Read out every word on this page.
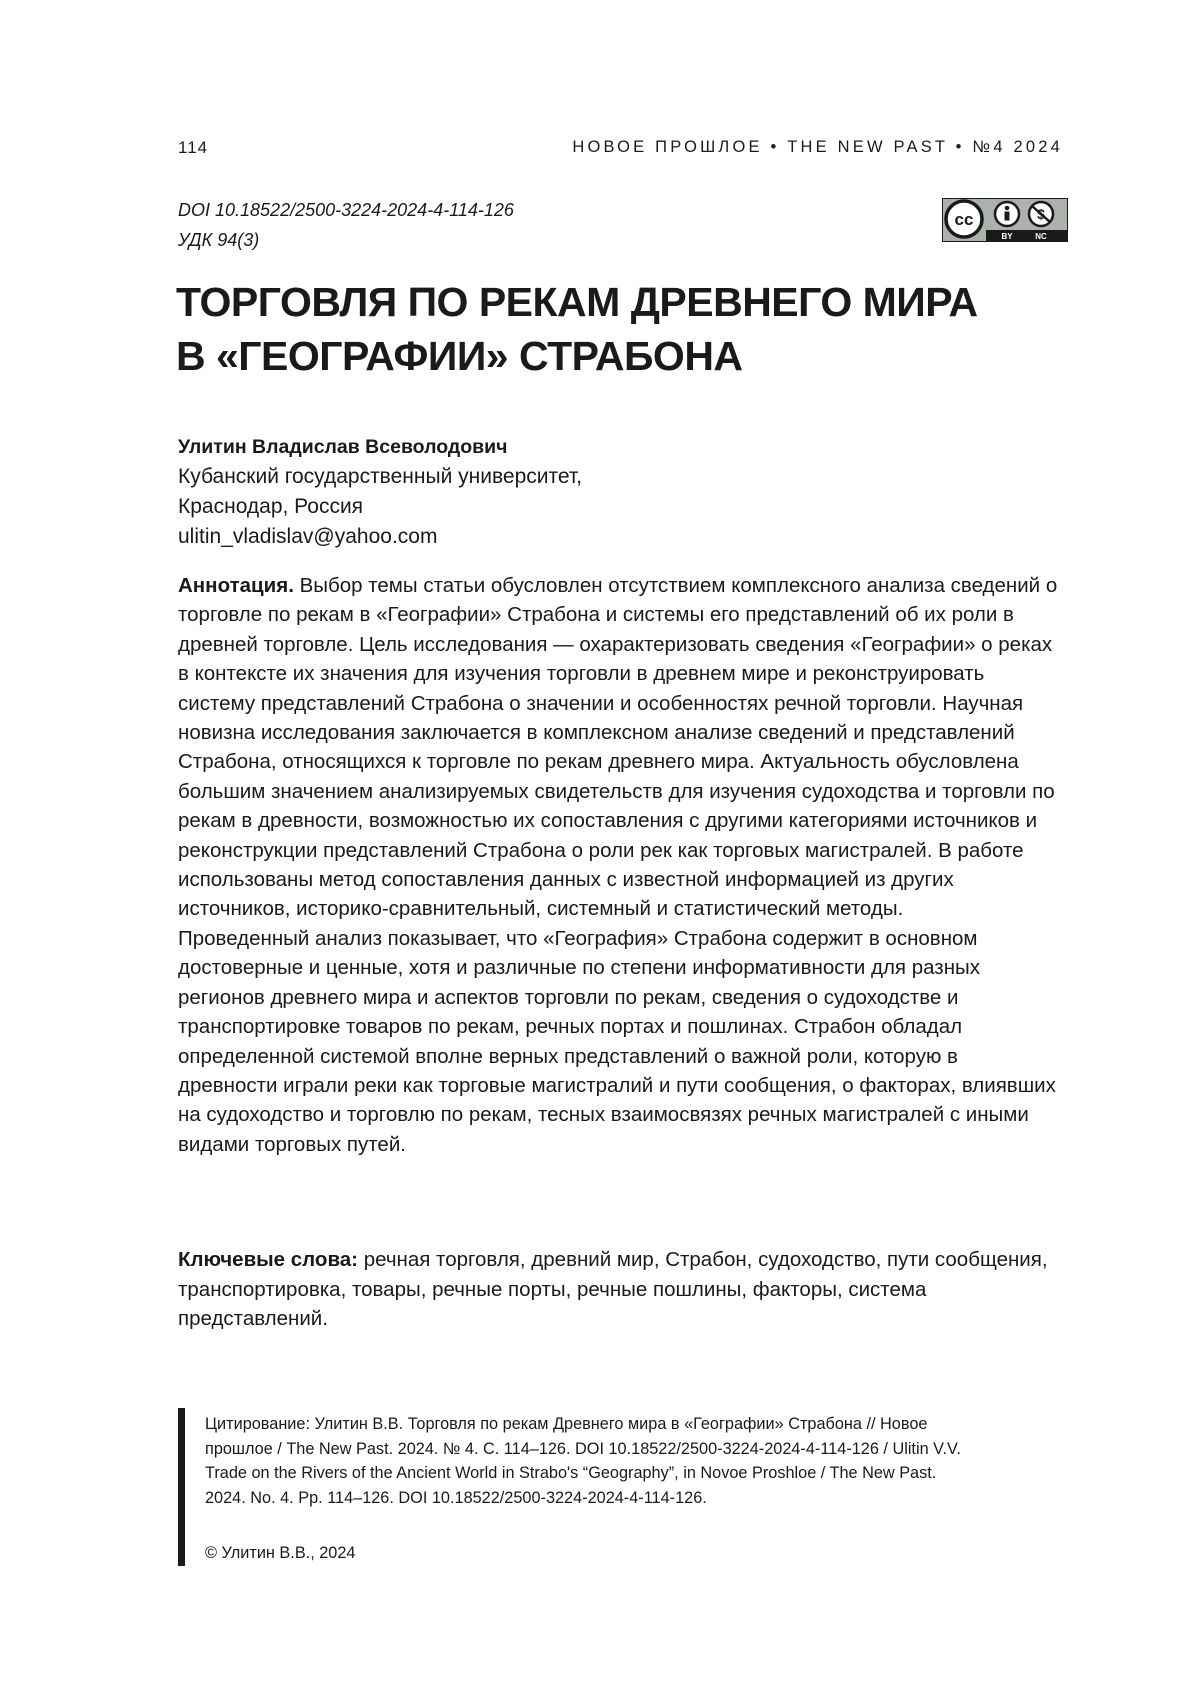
114	НОВОЕ ПРОШЛОЕ • THE NEW PAST • №4 2024
DOI 10.18522/2500-3224-2024-4-114-126
УДК 94(3)
cc
BY	NC
ТОРГОВЛЯ ПО РЕКАМ ДРЕВНЕГО МИРА
В «ГЕОГРАФИИ» СТРАБОНА
Улитин Владислав Всеволодович
Кубанский государственный университет,
Краснодар, Россия
ulitin_vladislav@yahoo.com

Аннотация. Выбор темы статьи обусловлен отсутствием комплексного анализа сведений о торговле по рекам в «Географии» Страбона и системы его представлений об их роли в древней торговле. Цель исследования — охарактеризовать сведения «Географии» о реках в контексте их значения для изучения торговли в древнем мире и реконструировать систему представлений Страбона о значении и особенностях речной торговли. Научная новизна исследования заключается в комплексном анализе сведений и представлений Страбона, относящихся к торговле по рекам древнего мира. Актуальность обусловлена большим значением анализируемых свидетельств для изучения судоходства и торговли по рекам в древности, возможностью их сопоставления с другими категориями источников и реконструкции представлений Страбона о роли рек как торговых магистралей. В работе использованы метод сопоставления данных с известной информацией из других источников, историко-сравнительный, системный и статистический методы.
Проведенный анализ показывает, что «География» Страбона содержит в основном достоверные и ценные, хотя и различные по степени информативности для разных регионов древнего мира и аспектов торговли по рекам, сведения о судоходстве и транспортировке товаров по рекам, речных портах и пошлинах. Страбон обладал определенной системой вполне верных представлений о важной роли, которую в древности играли реки как торговые магистралий и пути сообщения, о факторах, влиявших на судоходство и торговлю по рекам, тесных взаимосвязях речных магистралей с иными видами торговых путей.

Ключевые слова: речная торговля, древний мир, Страбон, судоходство, пути сообщения, транспортировка, товары, речные порты, речные пошлины, факторы, система представлений.

Цитирование: Улитин В.В. Торговля по рекам Древнего мира в «Географии» Страбона // Новое прошлое / The New Past. 2024. № 4. С. 114–126. DOI 10.18522/2500-3224-2024-4-114-126 / Ulitin V.V. Trade on the Rivers of the Ancient World in Strabo's “Geography”, in Novoe Proshloe / The New Past. 2024. No. 4. Pp. 114–126. DOI 10.18522/2500-3224-2024-4-114-126.

© Улитин В.В., 2024
